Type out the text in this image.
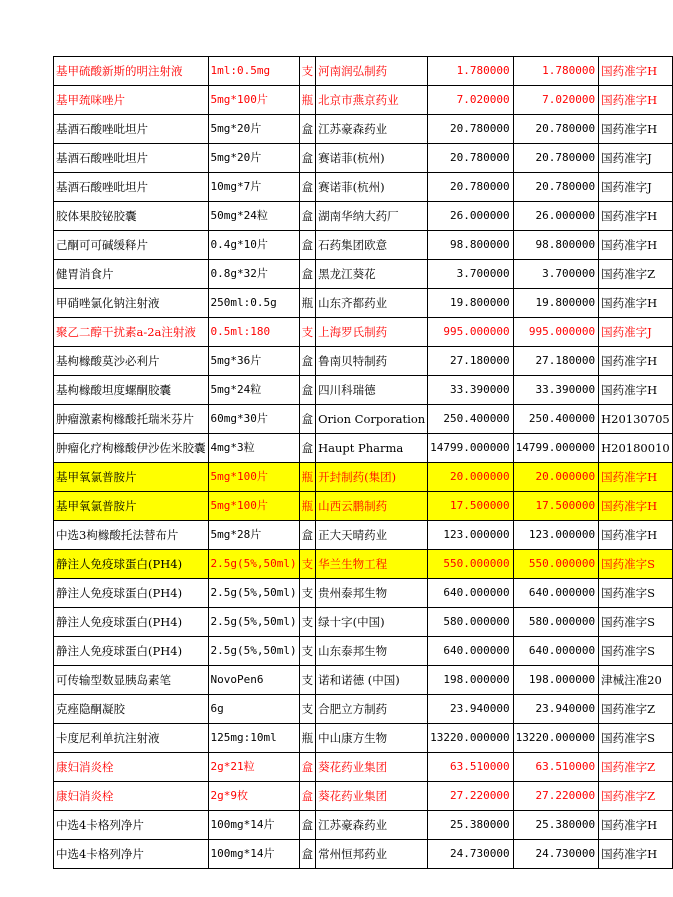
基甲硫酸新斯的明注射液	1ml:0.5mg	支	河南润弘制药	1.780000	1.780000	国药准字H
基甲巯咪唑片	5mg*100片	瓶	北京市燕京药业	7.020000	7.020000	国药准字H
基酒石酸唑吡坦片	5mg*20片	盒	江苏豪森药业	20.780000	20.780000	国药准字H
基酒石酸唑吡坦片	5mg*20片	盒	赛诺菲(杭州)	20.780000	20.780000	国药准字J
基酒石酸唑吡坦片	10mg*7片	盒	赛诺菲(杭州)	20.780000	20.780000	国药准字J
胶体果胶铋胶囊	50mg*24粒	盒	湖南华纳大药厂	26.000000	26.000000	国药准字H
己酮可可碱缓释片	0.4g*10片	盒	石药集团欧意	98.800000	98.800000	国药准字H
健胃消食片	0.8g*32片	盒	黑龙江葵花	3.700000	3.700000	国药准字Z
甲硝唑氯化钠注射液	250ml:0.5g	瓶	山东齐都药业	19.800000	19.800000	国药准字H
聚乙二醇干扰素a-2a注射液	0.5ml:180	支	上海罗氏制药	995.000000	995.000000	国药准字J
基枸橼酸莫沙必利片	5mg*36片	盒	鲁南贝特制药	27.180000	27.180000	国药准字H
基枸橼酸坦度螺酮胶囊	5mg*24粒	盒	四川科瑞德	33.390000	33.390000	国药准字H
肿瘤激素枸橼酸托瑞米芬片	60mg*30片	盒	Orion Corporation	250.400000	250.400000	H20130705
肿瘤化疗枸橼酸伊沙佐米胶囊	4mg*3粒	盒	Haupt Pharma	14799.000000	14799.000000	H20180010
基甲氧氯普胺片	5mg*100片	瓶	开封制药(集团)	20.000000	20.000000	国药准字H
基甲氧氯普胺片	5mg*100片	瓶	山西云鹏制药	17.500000	17.500000	国药准字H
中选3枸橼酸托法替布片	5mg*28片	盒	正大天晴药业	123.000000	123.000000	国药准字H
静注人免疫球蛋白(PH4)	2.5g(5%,50ml)	支	华兰生物工程	550.000000	550.000000	国药准字S
静注人免疫球蛋白(PH4)	2.5g(5%,50ml)	支	贵州泰邦生物	640.000000	640.000000	国药准字S
静注人免疫球蛋白(PH4)	2.5g(5%,50ml)	支	绿十字(中国)	580.000000	580.000000	国药准字S
静注人免疫球蛋白(PH4)	2.5g(5%,50ml)	支	山东泰邦生物	640.000000	640.000000	国药准字S
可传输型数显胰岛素笔	NovoPen6	支	诺和诺德 (中国)	198.000000	198.000000	津械注准20
克痤隐酮凝胶	6g	支	合肥立方制药	23.940000	23.940000	国药准字Z
卡度尼利单抗注射液	125mg:10ml	瓶	中山康方生物	13220.000000	13220.000000	国药准字S
康妇消炎栓	2g*21粒	盒	葵花药业集团	63.510000	63.510000	国药准字Z
康妇消炎栓	2g*9枚	盒	葵花药业集团	27.220000	27.220000	国药准字Z
中选4卡格列净片	100mg*14片	盒	江苏豪森药业	25.380000	25.380000	国药准字H
中选4卡格列净片	100mg*14片	盒	常州恒邦药业	24.730000	24.730000	国药准字H
